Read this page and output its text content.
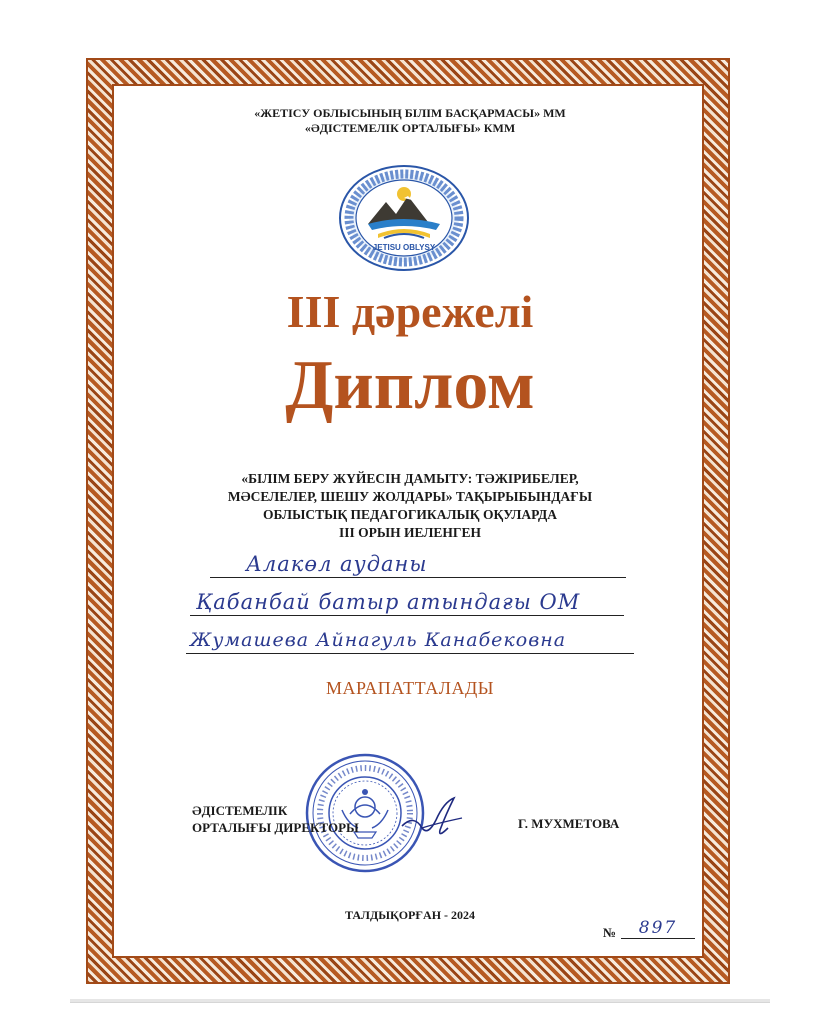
«ЖЕТІСУ ОБЛЫСЫНЫҢ БІЛІМ БАСҚАРМАСЫ» ММ
«ӘДІСТЕМЕЛІК ОРТАЛЫҒЫ» КММ
JETISU OBLYSY
III дәрежелі
Диплом
«БІЛІМ БЕРУ ЖҮЙЕСІН ДАМЫТУ: ТӘЖІРИБЕЛЕР,
МӘСЕЛЕЛЕР, ШЕШУ ЖОЛДАРЫ» ТАҚЫРЫБЫНДАҒЫ
ОБЛЫСТЫҚ ПЕДАГОГИКАЛЫҚ ОҚУЛАРДА
III ОРЫН ИЕЛЕНГЕН
Алакөл ауданы
Қабанбай батыр атындағы ОМ
Жумашева Айнагуль Канабековна
МАРАПАТТАЛАДЫ
ӘДІСТЕМЕЛІК
ОРТАЛЫҒЫ ДИРЕКТОРЫ	Г. МУХМЕТОВА
ТАЛДЫҚОРҒАН - 2024
№	897
